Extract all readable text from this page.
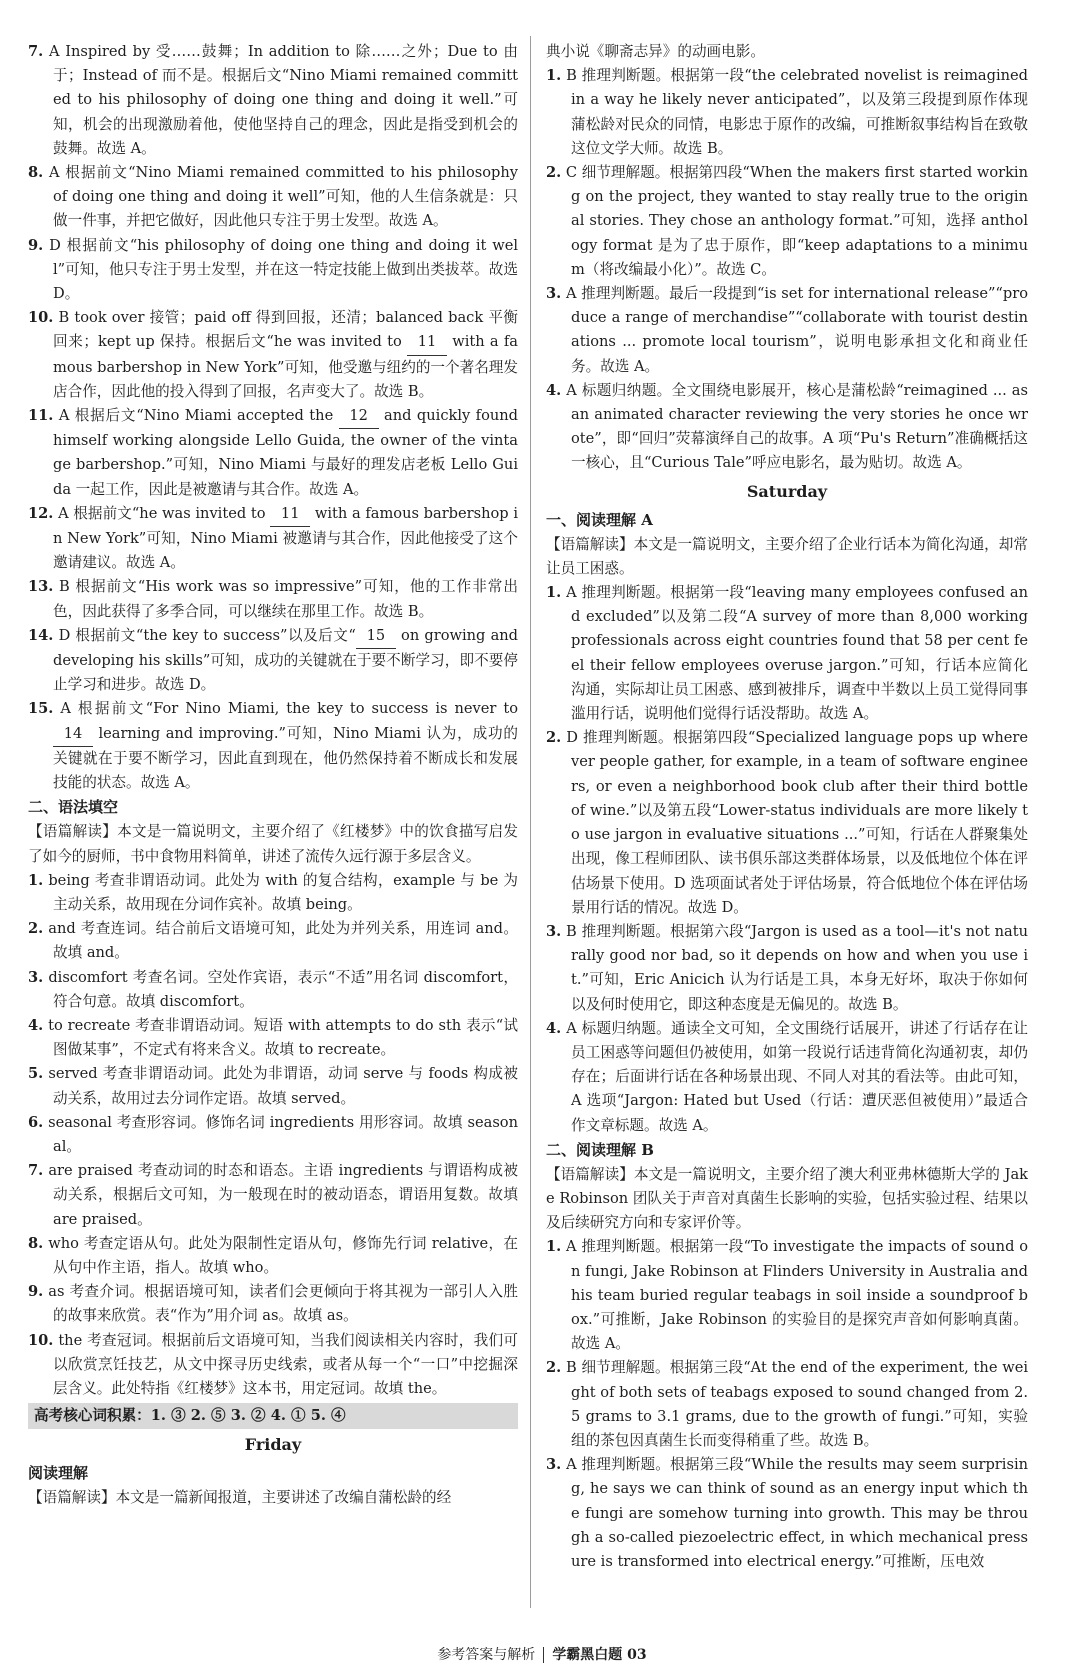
7. A Inspired by 受……鼓舞；In addition to 除……之外；Due to 由于；Instead of 而不是。根据后文“Nino Miami remained committed to his philosophy of doing one thing and doing it well.”可知，机会的出现激励着他，使他坚持自己的理念，因此是指受到机会的鼓舞。故选 A。

8. A 根据前文“Nino Miami remained committed to his philosophy of doing one thing and doing it well”可知，他的人生信条就是：只做一件事，并把它做好，因此他只专注于男士发型。故选 A。

9. D 根据前文“his philosophy of doing one thing and doing it well”可知，他只专注于男士发型，并在这一特定技能上做到出类拔萃。故选 D。

10. B took over 接管；paid off 得到回报，还清；balanced back 平衡回来；kept up 保持。根据后文“he was invited to 11 with a famous barbershop in New York”可知，他受邀与纽约的一个著名理发店合作，因此他的投入得到了回报，名声变大了。故选 B。

11. A 根据后文“Nino Miami accepted the 12 and quickly found himself working alongside Lello Guida, the owner of the vintage barbershop.”可知，Nino Miami 与最好的理发店老板 Lello Guida 一起工作，因此是被邀请与其合作。故选 A。

12. A 根据前文“he was invited to 11 with a famous barbershop in New York”可知，Nino Miami 被邀请与其合作，因此他接受了这个邀请建议。故选 A。

13. B 根据前文“His work was so impressive”可知，他的工作非常出色，因此获得了多季合同，可以继续在那里工作。故选 B。

14. D 根据前文“the key to success”以及后文“ 15 on growing and developing his skills”可知，成功的关键就在于要不断学习，即不要停止学习和进步。故选 D。

15. A 根据前文“For Nino Miami, the key to success is never to 14 learning and improving.”可知，Nino Miami 认为，成功的关键就在于要不断学习，因此直到现在，他仍然保持着不断成长和发展技能的状态。故选 A。

二、语法填空

【语篇解读】本文是一篇说明文，主要介绍了《红楼梦》中的饮食描写启发了如今的厨师，书中食物用料简单，讲述了流传久远行源于多层含义。

1. being 考查非谓语动词。此处为 with 的复合结构，example 与 be 为主动关系，故用现在分词作宾补。故填 being。

2. and 考查连词。结合前后文语境可知，此处为并列关系，用连词 and。故填 and。

3. discomfort 考查名词。空处作宾语，表示“不适”用名词 discomfort，符合句意。故填 discomfort。

4. to recreate 考查非谓语动词。短语 with attempts to do sth 表示“试图做某事”，不定式有将来含义。故填 to recreate。

5. served 考查非谓语动词。此处为非谓语，动词 serve 与 foods 构成被动关系，故用过去分词作定语。故填 served。

6. seasonal 考查形容词。修饰名词 ingredients 用形容词。故填 seasonal。

7. are praised 考查动词的时态和语态。主语 ingredients 与谓语构成被动关系，根据后文可知，为一般现在时的被动语态，谓语用复数。故填 are praised。

8. who 考查定语从句。此处为限制性定语从句，修饰先行词 relative，在从句中作主语，指人。故填 who。

9. as 考查介词。根据语境可知，读者们会更倾向于将其视为一部引人入胜的故事来欣赏。表“作为”用介词 as。故填 as。

10. the 考查冠词。根据前后文语境可知，当我们阅读相关内容时，我们可以欣赏烹饪技艺，从文中探寻历史线索，或者从每一个“一口”中挖掘深层含义。此处特指《红楼梦》这本书，用定冠词。故填 the。

高考核心词积累：1. ③ 2. ⑤ 3. ② 4. ① 5. ④

Friday

阅读理解

【语篇解读】本文是一篇新闻报道，主要讲述了改编自蒲松龄的经

典小说《聊斋志异》的动画电影。

1. B 推理判断题。根据第一段“the celebrated novelist is reimagined in a way he likely never anticipated”，以及第三段提到原作体现蒲松龄对民众的同情，电影忠于原作的改编，可推断叙事结构旨在致敬这位文学大师。故选 B。

2. C 细节理解题。根据第四段“When the makers first started working on the project, they wanted to stay really true to the original stories. They chose an anthology format.”可知，选择 anthology format 是为了忠于原作，即“keep adaptations to a minimum（将改编最小化）”。故选 C。

3. A 推理判断题。最后一段提到“is set for international release”“produce a range of merchandise”“collaborate with tourist destinations ... promote local tourism”，说明电影承担文化和商业任务。故选 A。

4. A 标题归纳题。全文围绕电影展开，核心是蒲松龄“reimagined ... as an animated character reviewing the very stories he once wrote”，即“回归”荧幕演绎自己的故事。A 项“Pu's Return”准确概括这一核心，且“Curious Tale”呼应电影名，最为贴切。故选 A。

Saturday

一、阅读理解 A

【语篇解读】本文是一篇说明文，主要介绍了企业行话本为简化沟通，却常让员工困惑。

1. A 推理判断题。根据第一段“leaving many employees confused and excluded”以及第二段“A survey of more than 8,000 working professionals across eight countries found that 58 per cent feel their fellow employees overuse jargon.”可知，行话本应简化沟通，实际却让员工困惑、感到被排斥，调查中半数以上员工觉得同事滥用行话，说明他们觉得行话没帮助。故选 A。

2. D 推理判断题。根据第四段“Specialized language pops up wherever people gather, for example, in a team of software engineers, or even a neighborhood book club after their third bottle of wine.”以及第五段“Lower-status individuals are more likely to use jargon in evaluative situations ...”可知，行话在人群聚集处出现，像工程师团队、读书俱乐部这类群体场景，以及低地位个体在评估场景下使用。D 选项面试者处于评估场景，符合低地位个体在评估场景用行话的情况。故选 D。

3. B 推理判断题。根据第六段“Jargon is used as a tool—it's not naturally good nor bad, so it depends on how and when you use it.”可知，Eric Anicich 认为行话是工具，本身无好坏，取决于你如何以及何时使用它，即这种态度是无偏见的。故选 B。

4. A 标题归纳题。通读全文可知，全文围绕行话展开，讲述了行话存在让员工困惑等问题但仍被使用，如第一段说行话违背简化沟通初衷，却仍存在；后面讲行话在各种场景出现、不同人对其的看法等。由此可知，A 选项“Jargon: Hated but Used（行话：遭厌恶但被使用）”最适合作文章标题。故选 A。

二、阅读理解 B

【语篇解读】本文是一篇说明文，主要介绍了澳大利亚弗林德斯大学的 Jake Robinson 团队关于声音对真菌生长影响的实验，包括实验过程、结果以及后续研究方向和专家评价等。

1. A 推理判断题。根据第一段“To investigate the impacts of sound on fungi, Jake Robinson at Flinders University in Australia and his team buried regular teabags in soil inside a soundproof box.”可推断，Jake Robinson 的实验目的是探究声音如何影响真菌。故选 A。

2. B 细节理解题。根据第三段“At the end of the experiment, the weight of both sets of teabags exposed to sound changed from 2.5 grams to 3.1 grams, due to the growth of fungi.”可知，实验组的茶包因真菌生长而变得稍重了些。故选 B。

3. A 推理判断题。根据第三段“While the results may seem surprising, he says we can think of sound as an energy input which the fungi are somehow turning into growth. This may be through a so-called piezoelectric effect, in which mechanical pressure is transformed into electrical energy.”可推断，压电效

参考答案与解析 学霸黑白题 03
